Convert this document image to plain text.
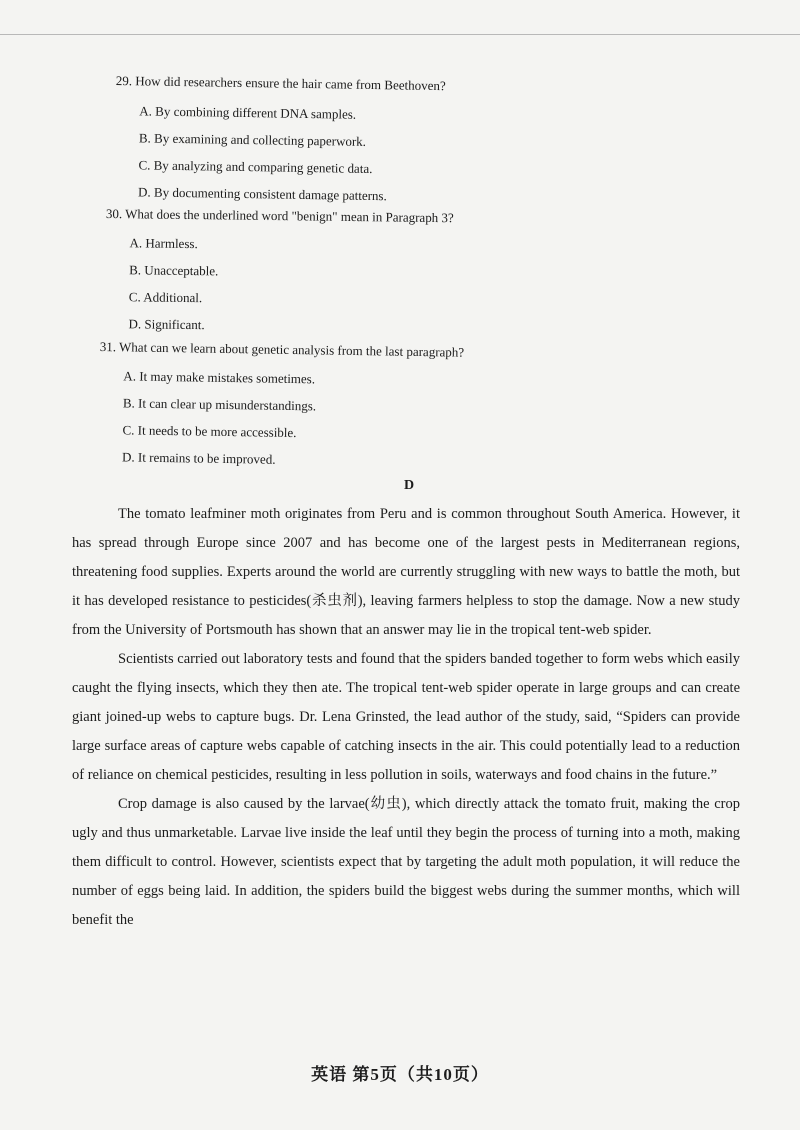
29. How did researchers ensure the hair came from Beethoven?
A. By combining different DNA samples.
B. By examining and collecting paperwork.
C. By analyzing and comparing genetic data.
D. By documenting consistent damage patterns.
30. What does the underlined word "benign" mean in Paragraph 3?
A. Harmless.
B. Unacceptable.
C. Additional.
D. Significant.
31. What can we learn about genetic analysis from the last paragraph?
A. It may make mistakes sometimes.
B. It can clear up misunderstandings.
C. It needs to be more accessible.
D. It remains to be improved.
D

The tomato leafminer moth originates from Peru and is common throughout South America. However, it has spread through Europe since 2007 and has become one of the largest pests in Mediterranean regions, threatening food supplies. Experts around the world are currently struggling with new ways to battle the moth, but it has developed resistance to pesticides(杀虫剂), leaving farmers helpless to stop the damage. Now a new study from the University of Portsmouth has shown that an answer may lie in the tropical tent-web spider.

Scientists carried out laboratory tests and found that the spiders banded together to form webs which easily caught the flying insects, which they then ate. The tropical tent-web spider operate in large groups and can create giant joined-up webs to capture bugs. Dr. Lena Grinsted, the lead author of the study, said, “Spiders can provide large surface areas of capture webs capable of catching insects in the air. This could potentially lead to a reduction of reliance on chemical pesticides, resulting in less pollution in soils, waterways and food chains in the future.”

Crop damage is also caused by the larvae(幼虫), which directly attack the tomato fruit, making the crop ugly and thus unmarketable. Larvae live inside the leaf until they begin the process of turning into a moth, making them difficult to control. However, scientists expect that by targeting the adult moth population, it will reduce the number of eggs being laid. In addition, the spiders build the biggest webs during the summer months, which will benefit the

英语 第5页（共10页）
